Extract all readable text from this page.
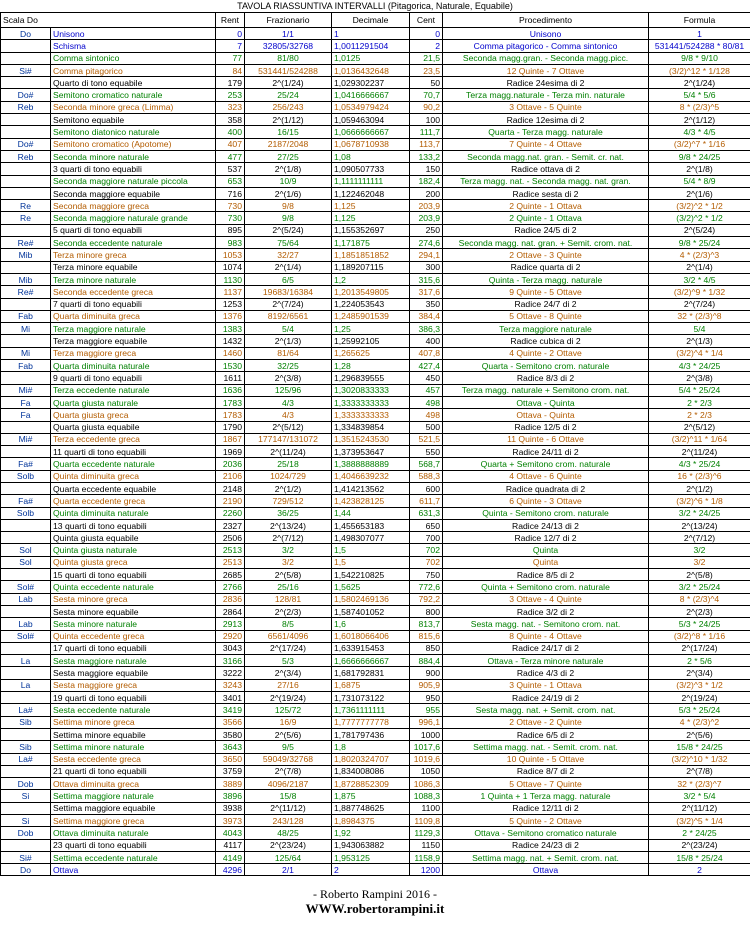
TAVOLA RIASSUNTIVA INTERVALLI (Pitagorica, Naturale, Equabile)
Scala Do		Rent	Frazionario	Decimale	Cent	Procedimento	Formula
Do	Unisono	0	1/1	1	0	Unisono	1
	Schisma	7	32805/32768	1,0011291504	2	Comma pitagorico - Comma sintonico	531441/524288 * 80/81
	Comma sintonico	77	81/80	1,0125	21,5	Seconda magg.gran. - Seconda magg.picc.	9/8 * 9/10
Si#	Comma pitagorico	84	531441/524288	1,0136432648	23,5	12 Quinte - 7 Ottave	(3/2)^12 * 1/128
	Quarto di tono equabile	179	2^(1/24)	1,029302237	50	Radice 24esima di 2	2^(1/24)
Do#	Semitono cromatico naturale	253	25/24	1,0416666667	70,7	Terza magg.naturale - Terza min. naturale	5/4 * 5/6
Reb	Seconda minore greca (Limma)	323	256/243	1,0534979424	90,2	3 Ottave - 5 Quinte	8 * (2/3)^5
	Semitono equabile	358	2^(1/12)	1,059463094	100	Radice 12esima di 2	2^(1/12)
	Semitono diatonico naturale	400	16/15	1,0666666667	111,7	Quarta - Terza magg. naturale	4/3 * 4/5
Do#	Semitono cromatico (Apotome)	407	2187/2048	1,0678710938	113,7	7 Quinte - 4 Ottave	(3/2)^7 * 1/16
Reb	Seconda minore naturale	477	27/25	1,08	133,2	Seconda magg.nat. gran. - Semit. cr. nat.	9/8 * 24/25
	3 quarti di tono equabili	537	2^(1/8)	1,090507733	150	Radice ottava di 2	2^(1/8)
	Seconda maggiore naturale piccola	653	10/9	1,1111111111	182,4	Terza magg. nat. - Seconda magg. nat. gran.	5/4 * 8/9
	Seconda maggiore equabile	716	2^(1/6)	1,122462048	200	Radice sesta di 2	2^(1/6)
Re	Seconda maggiore greca	730	9/8	1,125	203,9	2 Quinte - 1 Ottava	(3/2)^2 * 1/2
Re	Seconda maggiore naturale grande	730	9/8	1,125	203,9	2 Quinte - 1 Ottava	(3/2)^2 * 1/2
	5 quarti di tono equabili	895	2^(5/24)	1,155352697	250	Radice 24/5 di 2	2^(5/24)
Re#	Seconda eccedente naturale	983	75/64	1,171875	274,6	Seconda magg. nat. gran. + Semit. crom. nat.	9/8 * 25/24
Mib	Terza minore greca	1053	32/27	1,1851851852	294,1	2 Ottave - 3 Quinte	4 * (2/3)^3
	Terza minore equabile	1074	2^(1/4)	1,189207115	300	Radice quarta di 2	2^(1/4)
Mib	Terza minore naturale	1130	6/5	1,2	315,6	Quinta - Terza magg. naturale	3/2 * 4/5
Re#	Seconda eccedente greca	1137	19683/16384	1,2013549805	317,6	9 Quinte - 5 Ottave	(3/2)^9 * 1/32
	7 quarti di tono equabili	1253	2^(7/24)	1,224053543	350	Radice 24/7 di 2	2^(7/24)
Fab	Quarta diminuita greca	1376	8192/6561	1,2485901539	384,4	5 Ottave - 8 Quinte	32 * (2/3)^8
Mi	Terza maggiore naturale	1383	5/4	1,25	386,3	Terza maggiore naturale	5/4
	Terza maggiore equabile	1432	2^(1/3)	1,25992105	400	Radice cubica di 2	2^(1/3)
Mi	Terza maggiore greca	1460	81/64	1,265625	407,8	4 Quinte - 2 Ottave	(3/2)^4 * 1/4
Fab	Quarta diminuita naturale	1530	32/25	1,28	427,4	Quarta - Semitono crom. naturale	4/3 * 24/25
	9 quarti di tono equabili	1611	2^(3/8)	1,296839555	450	Radice 8/3 di 2	2^(3/8)
Mi#	Terza eccedente naturale	1636	125/96	1,3020833333	457	Terza magg. naturale + Semitono crom. nat.	5/4 * 25/24
Fa	Quarta giusta naturale	1783	4/3	1,3333333333	498	Ottava - Quinta	2 * 2/3
Fa	Quarta giusta greca	1783	4/3	1,3333333333	498	Ottava - Quinta	2 * 2/3
	Quarta giusta equabile	1790	2^(5/12)	1,334839854	500	Radice 12/5 di 2	2^(5/12)
Mi#	Terza eccedente greca	1867	177147/131072	1,3515243530	521,5	11 Quinte - 6 Ottave	(3/2)^11 * 1/64
	11 quarti di tono equabili	1969	2^(11/24)	1,373953647	550	Radice 24/11 di 2	2^(11/24)
Fa#	Quarta eccedente naturale	2036	25/18	1,3888888889	568,7	Quarta + Semitono crom. naturale	4/3 * 25/24
Solb	Quinta diminuita greca	2106	1024/729	1,4046639232	588,3	4 Ottave - 6 Quinte	16 * (2/3)^6
	Quarta eccedente equabile	2148	2^(1/2)	1,414213562	600	Radice quadrata di 2	2^(1/2)
Fa#	Quarta eccedente greca	2190	729/512	1,423828125	611,7	6 Quinte - 3 Ottave	(3/2)^6 * 1/8
Solb	Quinta diminuita naturale	2260	36/25	1,44	631,3	Quinta - Semitono crom. naturale	3/2 * 24/25
	13 quarti di tono equabili	2327	2^(13/24)	1,455653183	650	Radice 24/13 di 2	2^(13/24)
	Quinta giusta equabile	2506	2^(7/12)	1,498307077	700	Radice 12/7 di 2	2^(7/12)
Sol	Quinta giusta naturale	2513	3/2	1,5	702	Quinta	3/2
Sol	Quinta giusta greca	2513	3/2	1,5	702	Quinta	3/2
	15 quarti di tono equabili	2685	2^(5/8)	1,542210825	750	Radice 8/5 di 2	2^(5/8)
Sol#	Quinta eccedente naturale	2766	25/16	1,5625	772,6	Quinta + Semitono crom. naturale	3/2 * 25/24
Lab	Sesta minore greca	2836	128/81	1,5802469136	792,2	3 Ottave - 4 Quinte	8 * (2/3)^4
	Sesta minore equabile	2864	2^(2/3)	1,587401052	800	Radice 3/2 di 2	2^(2/3)
Lab	Sesta minore naturale	2913	8/5	1,6	813,7	Sesta magg. nat. - Semitono crom. nat.	5/3 * 24/25
Sol#	Quinta eccedente greca	2920	6561/4096	1,6018066406	815,6	8 Quinte - 4 Ottave	(3/2)^8 * 1/16
	17 quarti di tono equabili	3043	2^(17/24)	1,633915453	850	Radice 24/17 di 2	2^(17/24)
La	Sesta maggiore naturale	3166	5/3	1,6666666667	884,4	Ottava - Terza minore naturale	2 * 5/6
	Sesta maggiore equabile	3222	2^(3/4)	1,681792831	900	Radice 4/3 di 2	2^(3/4)
La	Sesta maggiore greca	3243	27/16	1,6875	905,9	3 Quinte - 1 Ottava	(3/2)^3 * 1/2
	19 quarti di tono equabili	3401	2^(19/24)	1,731073122	950	Radice 24/19 di 2	2^(19/24)
La#	Sesta eccedente naturale	3419	125/72	1,7361111111	955	Sesta magg. nat. + Semit. crom. nat.	5/3 * 25/24
Sib	Settima minore greca	3566	16/9	1,7777777778	996,1	2 Ottave - 2 Quinte	4 * (2/3)^2
	Settima minore equabile	3580	2^(5/6)	1,781797436	1000	Radice 6/5 di 2	2^(5/6)
Sib	Settima minore naturale	3643	9/5	1,8	1017,6	Settima magg. nat. - Semit. crom. nat.	15/8 * 24/25
La#	Sesta eccedente greca	3650	59049/32768	1,8020324707	1019,6	10 Quinte - 5 Ottave	(3/2)^10 * 1/32
	21 quarti di tono equabili	3759	2^(7/8)	1,834008086	1050	Radice 8/7 di 2	2^(7/8)
Dob	Ottava diminuita greca	3889	4096/2187	1,8728852309	1086,3	5 Ottave - 7 Quinte	32 * (2/3)^7
Si	Settima maggiore naturale	3896	15/8	1,875	1088,3	1 Quinta + 1 Terza magg. naturale	3/2 * 5/4
	Settima maggiore equabile	3938	2^(11/12)	1,887748625	1100	Radice 12/11 di 2	2^(11/12)
Si	Settima maggiore greca	3973	243/128	1,8984375	1109,8	5 Quinte - 2 Ottave	(3/2)^5 * 1/4
Dob	Ottava diminuita naturale	4043	48/25	1,92	1129,3	Ottava - Semitono cromatico naturale	2 * 24/25
	23 quarti di tono equabili	4117	2^(23/24)	1,943063882	1150	Radice 24/23 di 2	2^(23/24)
Si#	Settima eccedente naturale	4149	125/64	1,953125	1158,9	Settima magg. nat. + Semit. crom. nat.	15/8 * 25/24
Do	Ottava	4296	2/1	2	1200	Ottava	2
- Roberto Rampini 2016 -
WWW.robertorampini.it
